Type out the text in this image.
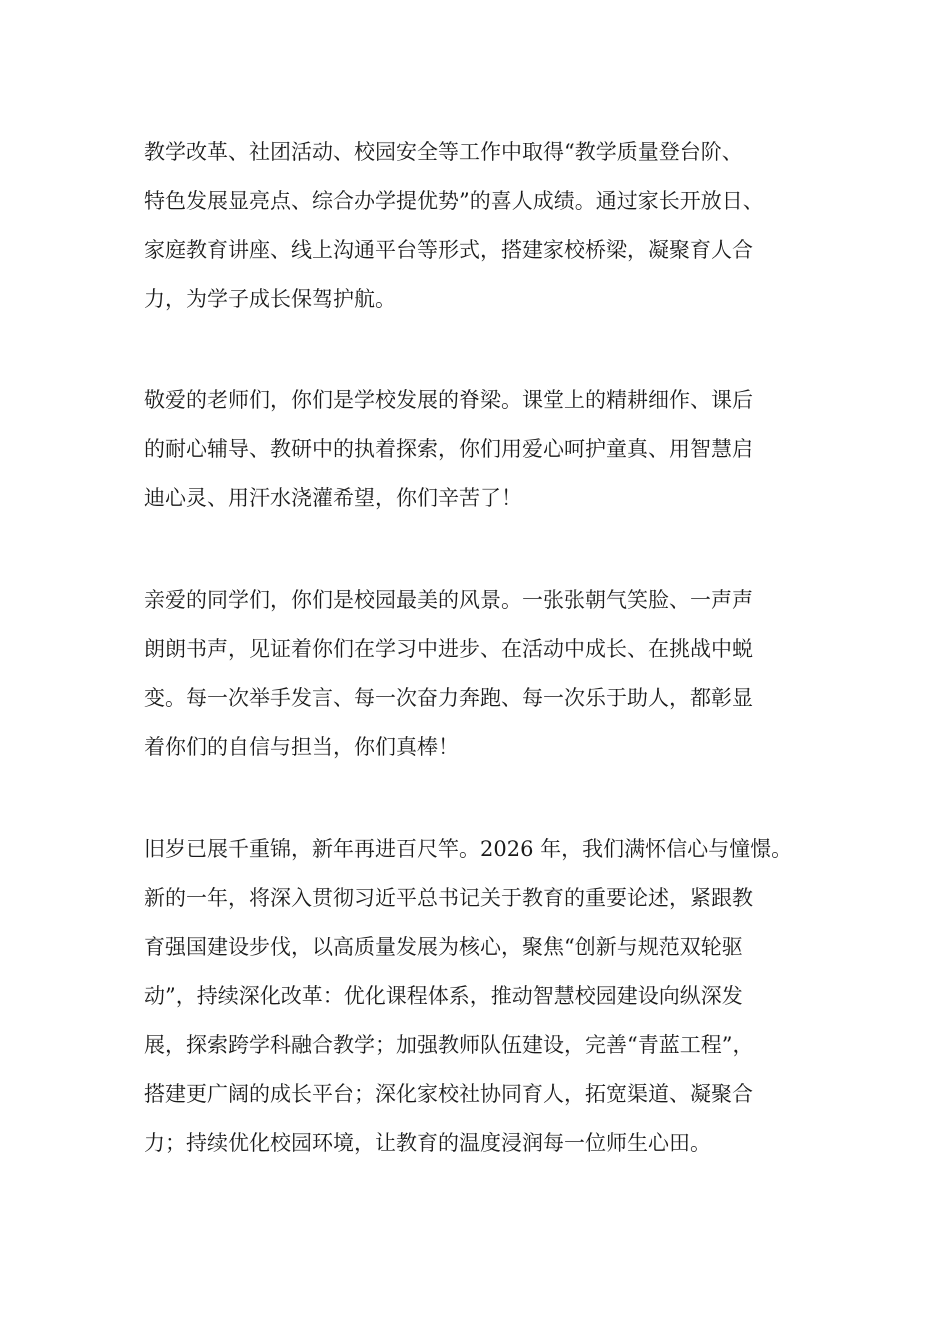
教学改革、社团活动、校园安全等工作中取得“教学质量登台阶、
特色发展显亮点、综合办学提优势”的喜人成绩。通过家长开放日、
家庭教育讲座、线上沟通平台等形式，搭建家校桥梁，凝聚育人合
力，为学子成长保驾护航。
敬爱的老师们，你们是学校发展的脊梁。课堂上的精耕细作、课后
的耐心辅导、教研中的执着探索，你们用爱心呵护童真、用智慧启
迪心灵、用汗水浇灌希望，你们辛苦了！
亲爱的同学们，你们是校园最美的风景。一张张朝气笑脸、一声声
朗朗书声，见证着你们在学习中进步、在活动中成长、在挑战中蜕
变。每一次举手发言、每一次奋力奔跑、每一次乐于助人，都彰显
着你们的自信与担当，你们真棒！
旧岁已展千重锦，新年再进百尺竿。2026 年，我们满怀信心与憧憬。
新的一年，将深入贯彻习近平总书记关于教育的重要论述，紧跟教
育强国建设步伐，以高质量发展为核心，聚焦“创新与规范双轮驱
动”，持续深化改革：优化课程体系，推动智慧校园建设向纵深发
展，探索跨学科融合教学；加强教师队伍建设，完善“青蓝工程”，
搭建更广阔的成长平台；深化家校社协同育人，拓宽渠道、凝聚合
力；持续优化校园环境，让教育的温度浸润每一位师生心田。
